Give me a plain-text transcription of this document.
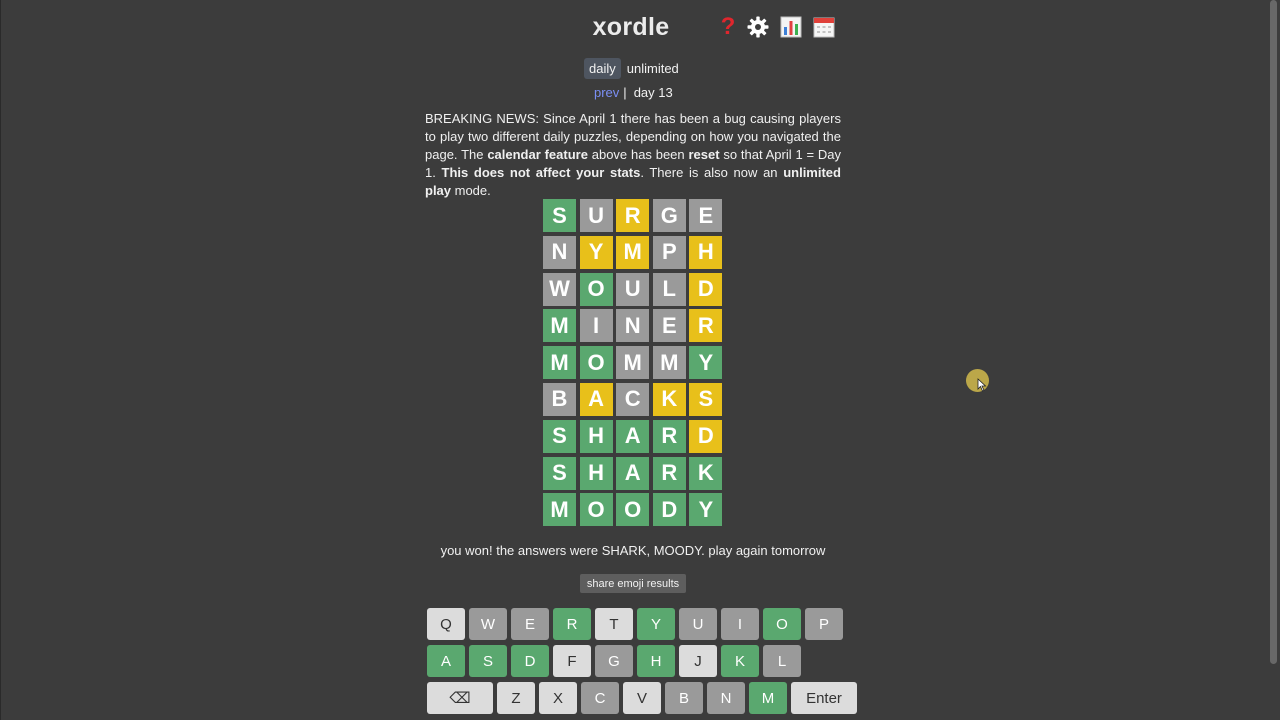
xordle	?
daily unlimited
prev | day 13
BREAKING NEWS: Since April 1 there has been a bug causing players to play two different daily puzzles, depending on how you navigated the page. The calendar feature above has been reset so that April 1 = Day 1. This does not affect your stats. There is also now an unlimited play mode.
S U R G E
N Y M P H
W O U L D
M	I	N E R
M O M M Y
B A C K S
S H A R D
S H A R K
M O O D Y
you won! the answers were SHARK, MOODY. play again tomorrow
share emoji results
Q	W	E	R	T	Y	U	I	O	P
A	S	D	F	G	H	J	K	L
⌫	Z	X	C	V	B	N	M	Enter
